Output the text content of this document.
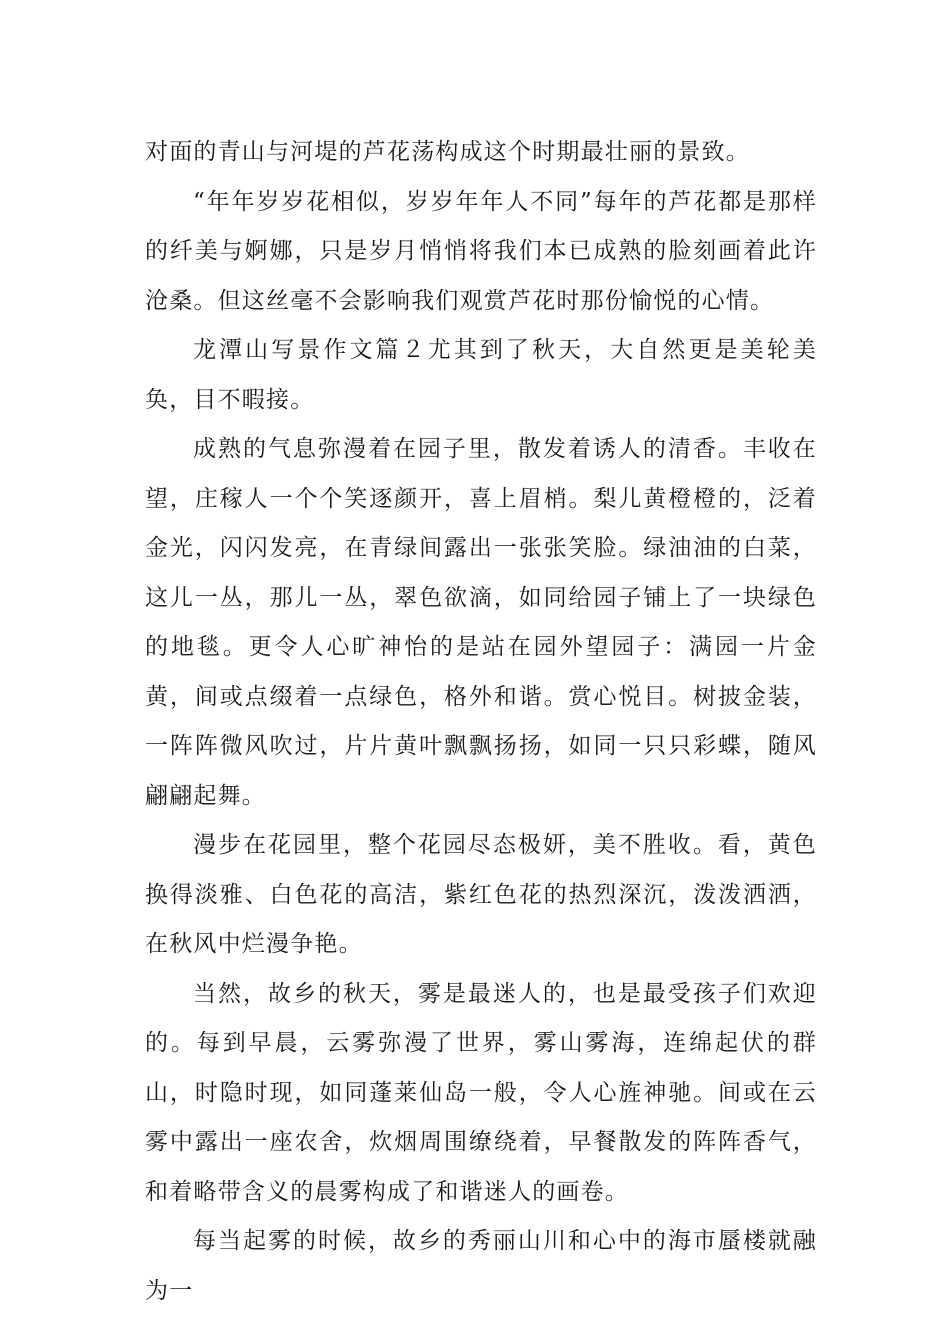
对面的青山与河堤的芦花荡构成这个时期最壮丽的景致。

“年年岁岁花相似，岁岁年年人不同”每年的芦花都是那样的纤美与婀娜，只是岁月悄悄将我们本已成熟的脸刻画着此许沧桑。但这丝毫不会影响我们观赏芦花时那份愉悦的心情。

龙潭山写景作文篇２尤其到了秋天，大自然更是美轮美奂，目不暇接。

成熟的气息弥漫着在园子里，散发着诱人的清香。丰收在望，庄稼人一个个笑逐颜开，喜上眉梢。梨儿黄橙橙的，泛着金光，闪闪发亮，在青绿间露出一张张笑脸。绿油油的白菜，这儿一丛，那儿一丛，翠色欲滴，如同给园子铺上了一块绿色的地毯。更令人心旷神怡的是站在园外望园子：满园一片金黄，间或点缀着一点绿色，格外和谐。赏心悦目。树披金装，一阵阵微风吹过，片片黄叶飘飘扬扬，如同一只只彩蝶，随风翩翩起舞。

漫步在花园里，整个花园尽态极妍，美不胜收。看，黄色换得淡雅、白色花的高洁，紫红色花的热烈深沉，泼泼洒洒，在秋风中烂漫争艳。

当然，故乡的秋天，雾是最迷人的，也是最受孩子们欢迎的。每到早晨，云雾弥漫了世界，雾山雾海，连绵起伏的群山，时隐时现，如同蓬莱仙岛一般，令人心旌神驰。间或在云雾中露出一座农舍，炊烟周围缭绕着，早餐散发的阵阵香气，和着略带含义的晨雾构成了和谐迷人的画卷。

每当起雾的时候，故乡的秀丽山川和心中的海市蜃楼就融为一
